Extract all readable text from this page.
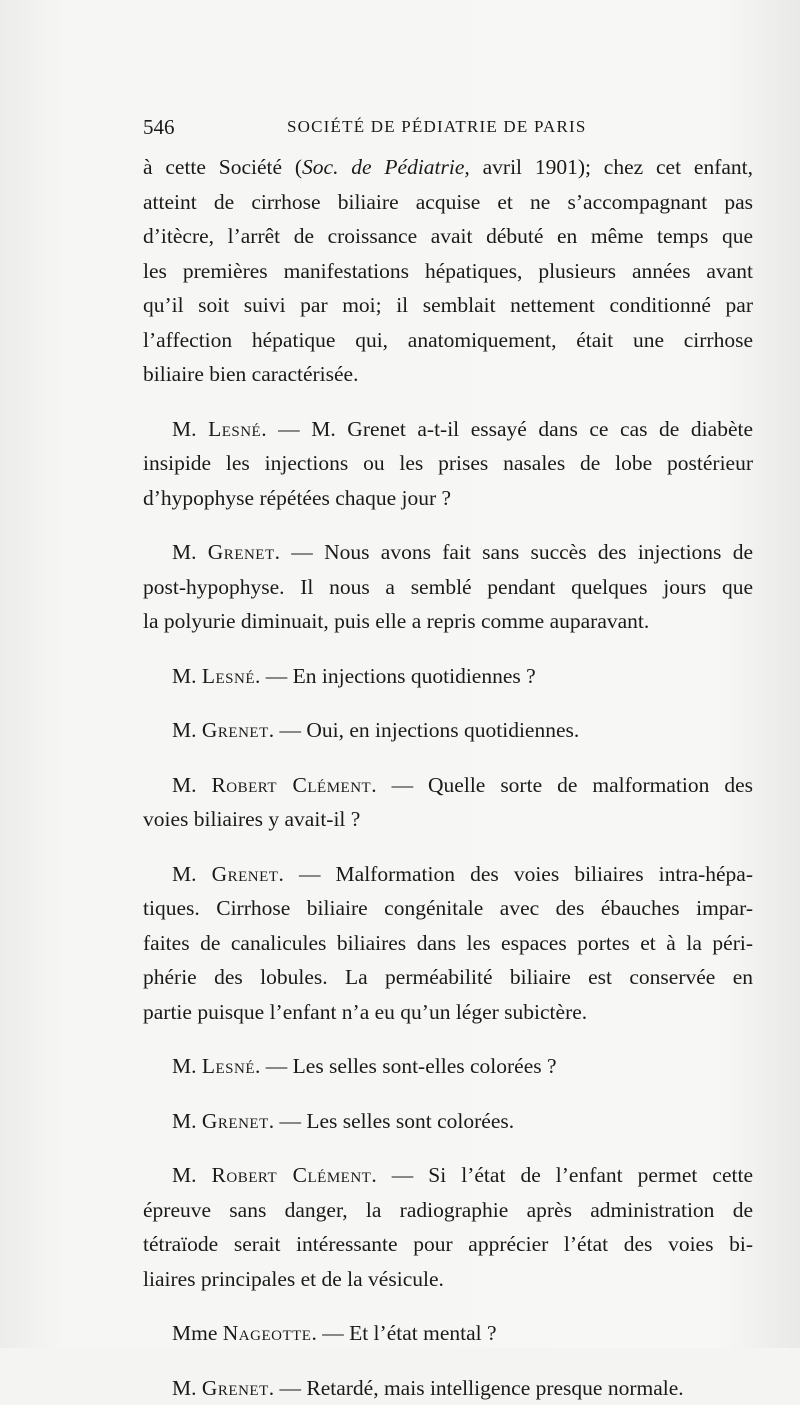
546	SOCIÉTÉ DE PÉDIATRIE DE PARIS
à cette Société (Soc. de Pédiatrie, avril 1901); chez cet enfant,
atteint de cirrhose biliaire acquise et ne s’accompagnant pas
d’itècre, l’arrêt de croissance avait débuté en même temps que
les premières manifestations hépatiques, plusieurs années avant
qu’il soit suivi par moi; il semblait nettement conditionné par
l’affection hépatique qui, anatomiquement, était une cirrhose
biliaire bien caractérisée.
M. Lesné. — M. Grenet a-t-il essayé dans ce cas de diabète
insipide les injections ou les prises nasales de lobe postérieur
d’hypophyse répétées chaque jour ?
M. Grenet. — Nous avons fait sans succès des injections de
post-hypophyse. Il nous a semblé pendant quelques jours que
la polyurie diminuait, puis elle a repris comme auparavant.
M. Lesné. — En injections quotidiennes ?
M. Grenet. — Oui, en injections quotidiennes.
M. Robert Clément. — Quelle sorte de malformation des
voies biliaires y avait-il ?
M. Grenet. — Malformation des voies biliaires intra-hépa-
tiques. Cirrhose biliaire congénitale avec des ébauches impar-
faites de canalicules biliaires dans les espaces portes et à la péri-
phérie des lobules. La perméabilité biliaire est conservée en
partie puisque l’enfant n’a eu qu’un léger subictère.
M. Lesné. — Les selles sont-elles colorées ?
M. Grenet. — Les selles sont colorées.
M. Robert Clément. — Si l’état de l’enfant permet cette
épreuve sans danger, la radiographie après administration de
tétraïode serait intéressante pour apprécier l’état des voies bi-
liaires principales et de la vésicule.
Mme Nageotte. — Et l’état mental ?
M. Grenet. — Retardé, mais intelligence presque normale.
